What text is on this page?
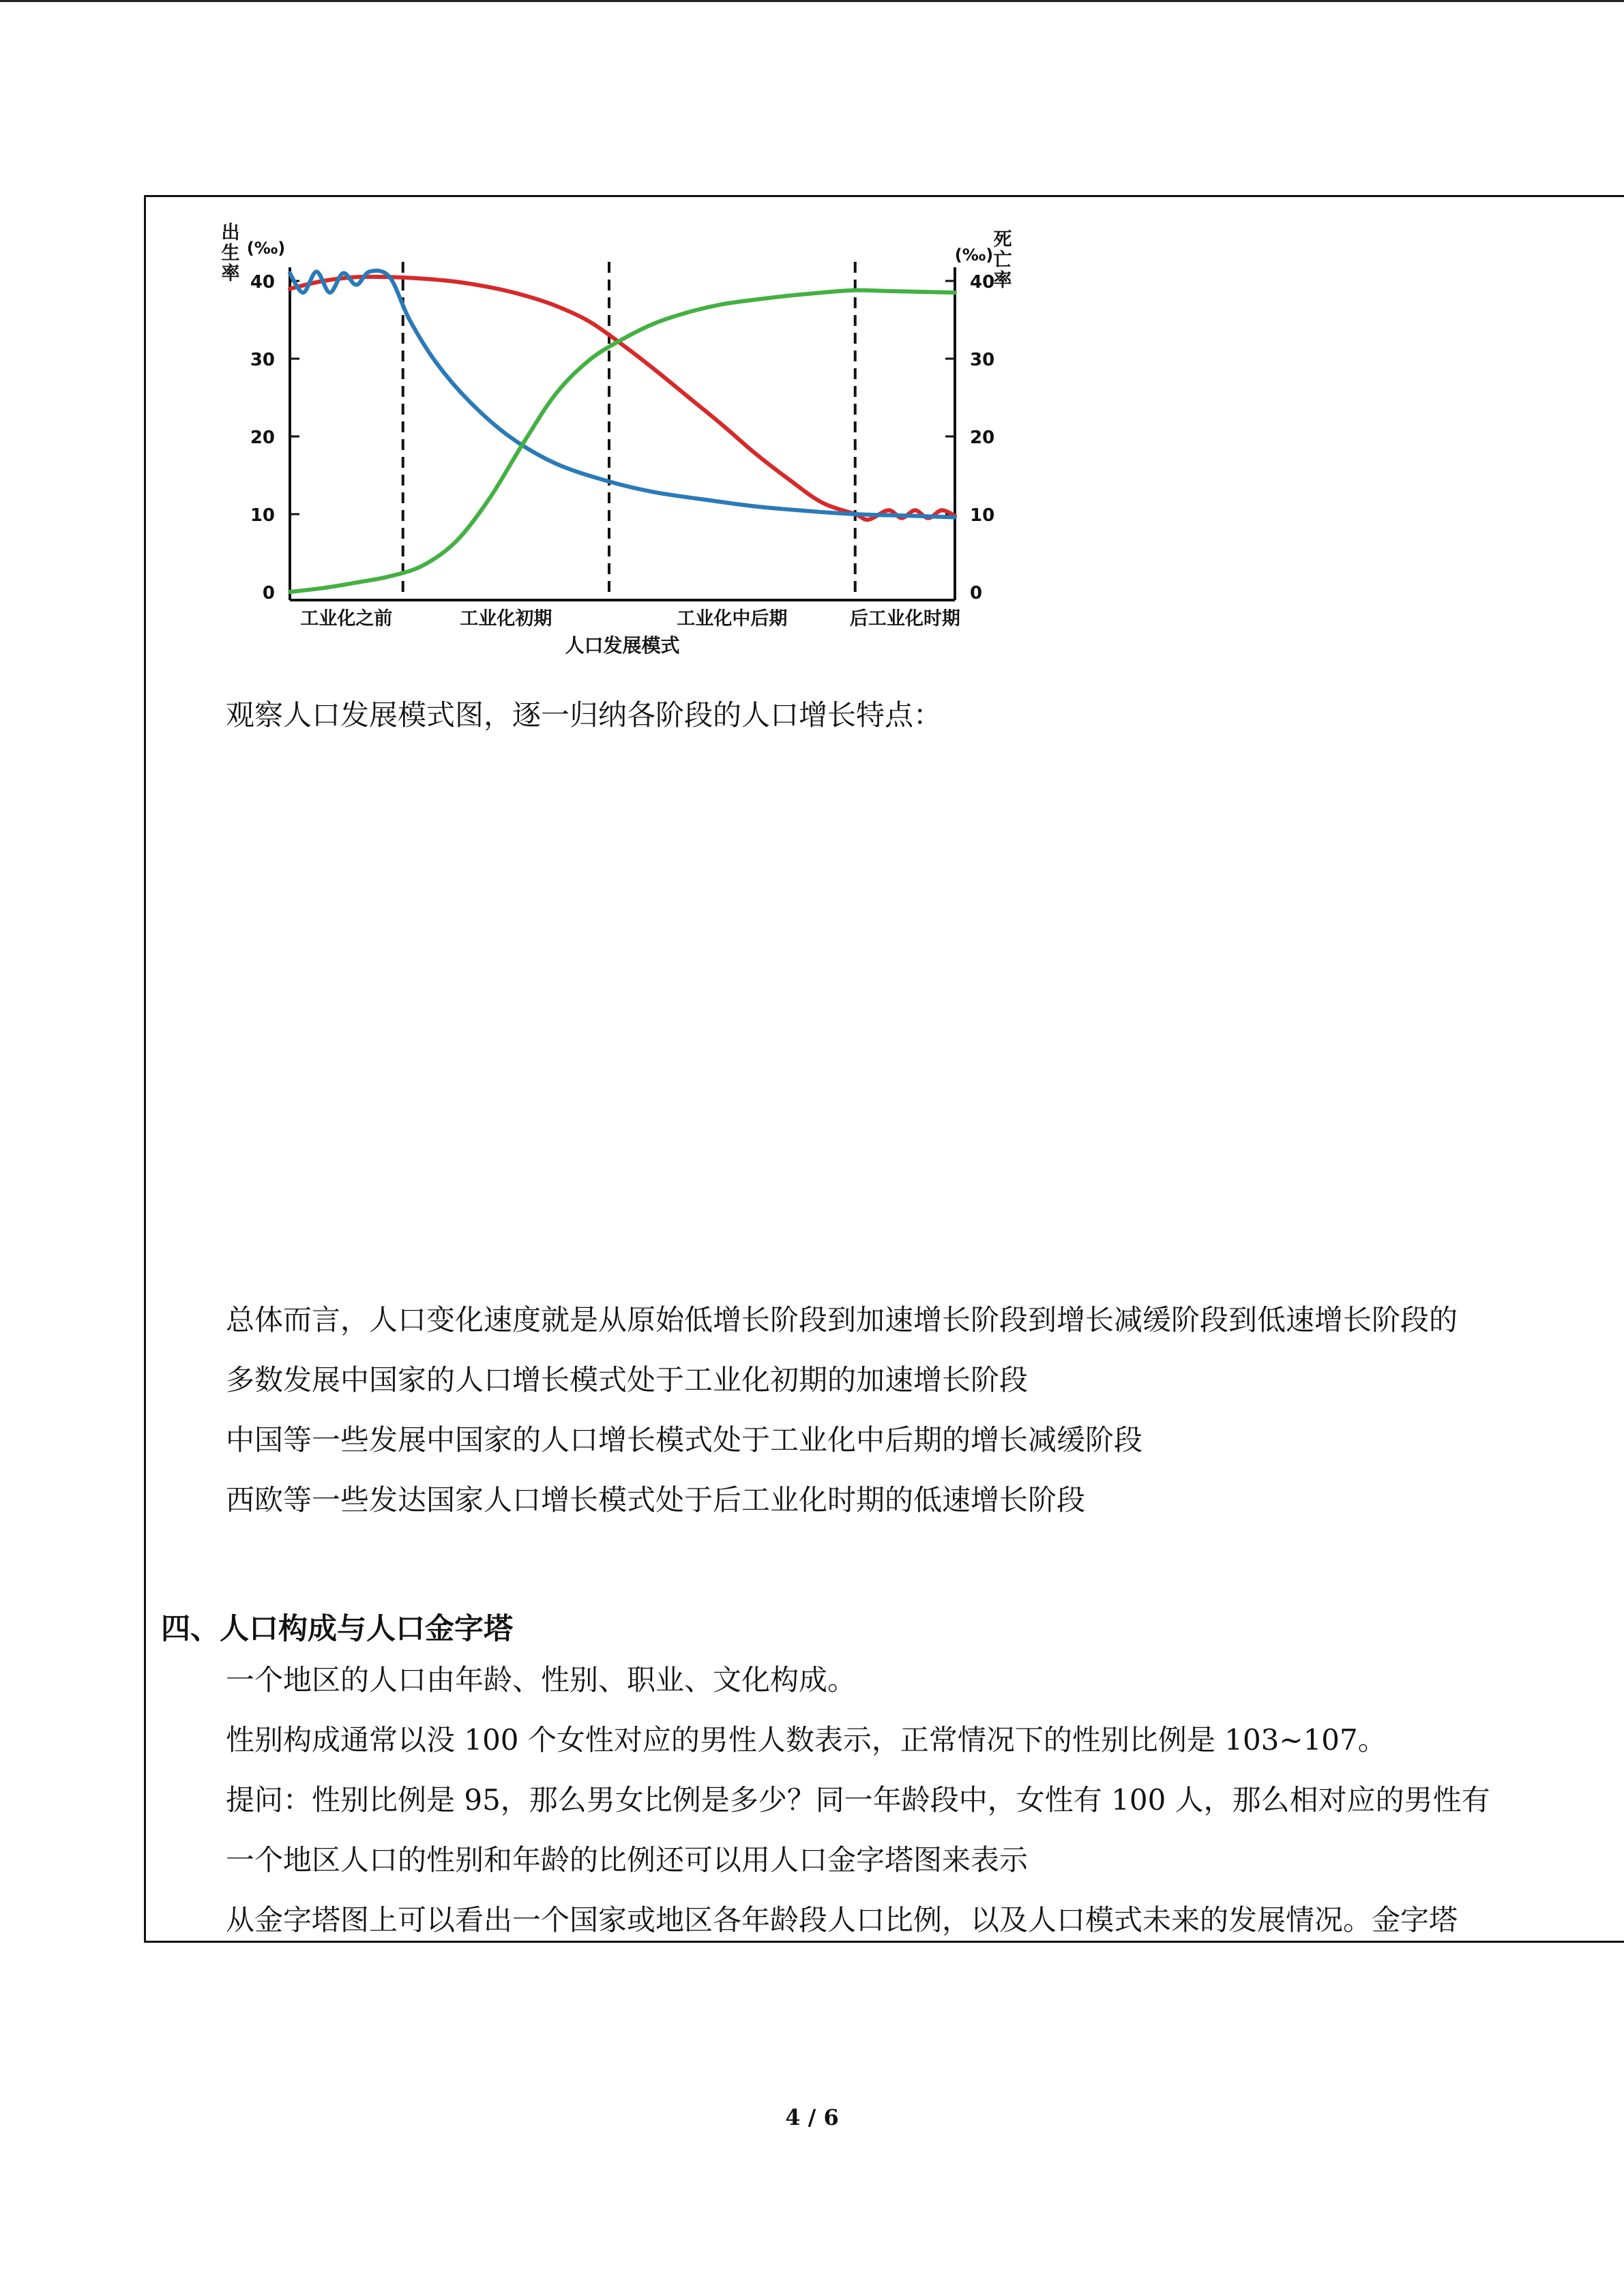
0
10
20
30
40
0
10
20
30
40
出
生
率
(‰)	死
亡
率
(‰)
工业化之前	工业化初期	工业化中后期	后工业化时期
人口发展模式
观察人口发展模式图，逐一归纳各阶段的人口增长特点：
总体而言，人口变化速度就是从原始低增长阶段到加速增长阶段到增长减缓阶段到低速增长阶段的
多数发展中国家的人口增长模式处于工业化初期的加速增长阶段
中国等一些发展中国家的人口增长模式处于工业化中后期的增长减缓阶段
西欧等一些发达国家人口增长模式处于后工业化时期的低速增长阶段
四、人口构成与人口金字塔
一个地区的人口由年龄、性别、职业、文化构成。
性别构成通常以没 100 个女性对应的男性人数表示，正常情况下的性别比例是 103~107。
提问：性别比例是 95，那么男女比例是多少？同一年龄段中，女性有 100 人，那么相对应的男性有
一个地区人口的性别和年龄的比例还可以用人口金字塔图来表示
从金字塔图上可以看出一个国家或地区各年龄段人口比例，以及人口模式未来的发展情况。金字塔
4 / 6
